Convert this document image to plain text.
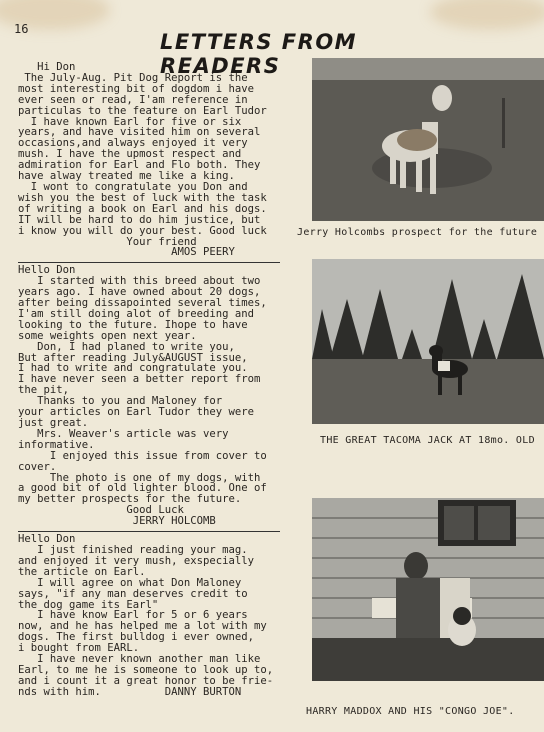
16
LETTERS FROM READERS
Hi Don
The July-Aug. Pit Dog Report is the
most interesting bit of dogdom i have
ever seen or read, I'am reference in
particulas to the feature on Earl Tudor
I have known Earl for five or six
years, and have visited him on several
occasions,and always enjoyed it very
mush. I have the upmost respect and
admiration for Earl and Flo both. They
have alway treated me like a king.
I wont to congratulate you Don and
wish you the best of luck with the task
of writing a book on Earl and his dogs.
IT will be hard to do him justice, but
i know you will do your best. Good luck
Your friend
AMOS PEERY
Hello Don
I started with this breed about two
years ago. I have owned about 20 dogs,
after being dissapointed several times,
I'am still doing alot of breeding and
looking to the future. Ihope to have
some weights open next year.
Don, I had planed to write you,
But after reading July&AUGUST issue,
I had to write and congratulate you.
I have never seen a better report from
the pit,
Thanks to you and Maloney for
your articles on Earl Tudor they were
just great.
Mrs. Weaver's article was very
informative.
I enjoyed this issue from cover to
cover.
The photo is one of my dogs, with
a good bit of old lighter blood. One of
my better prospects for the future.
Good Luck
JERRY HOLCOMB
Hello Don
I just finished reading your mag.
and enjoyed it very mush, exspecially
the article on Earl.
I will agree on what Don Maloney
says, "if any man deserves credit to
the dog game its Earl"
I have know Earl for 5 or 6 years
now, and he has helped me a lot with my
dogs. The first bulldog i ever owned,
i bought from EARL.
I have never known another man like
Earl, to me he is someone to look up to,
and i count it a great honor to be frie-
nds with him.          DANNY BURTON
Jerry Holcombs prospect for the future
THE GREAT TACOMA JACK AT 18mo. OLD
HARRY MADDOX AND HIS "CONGO JOE".
